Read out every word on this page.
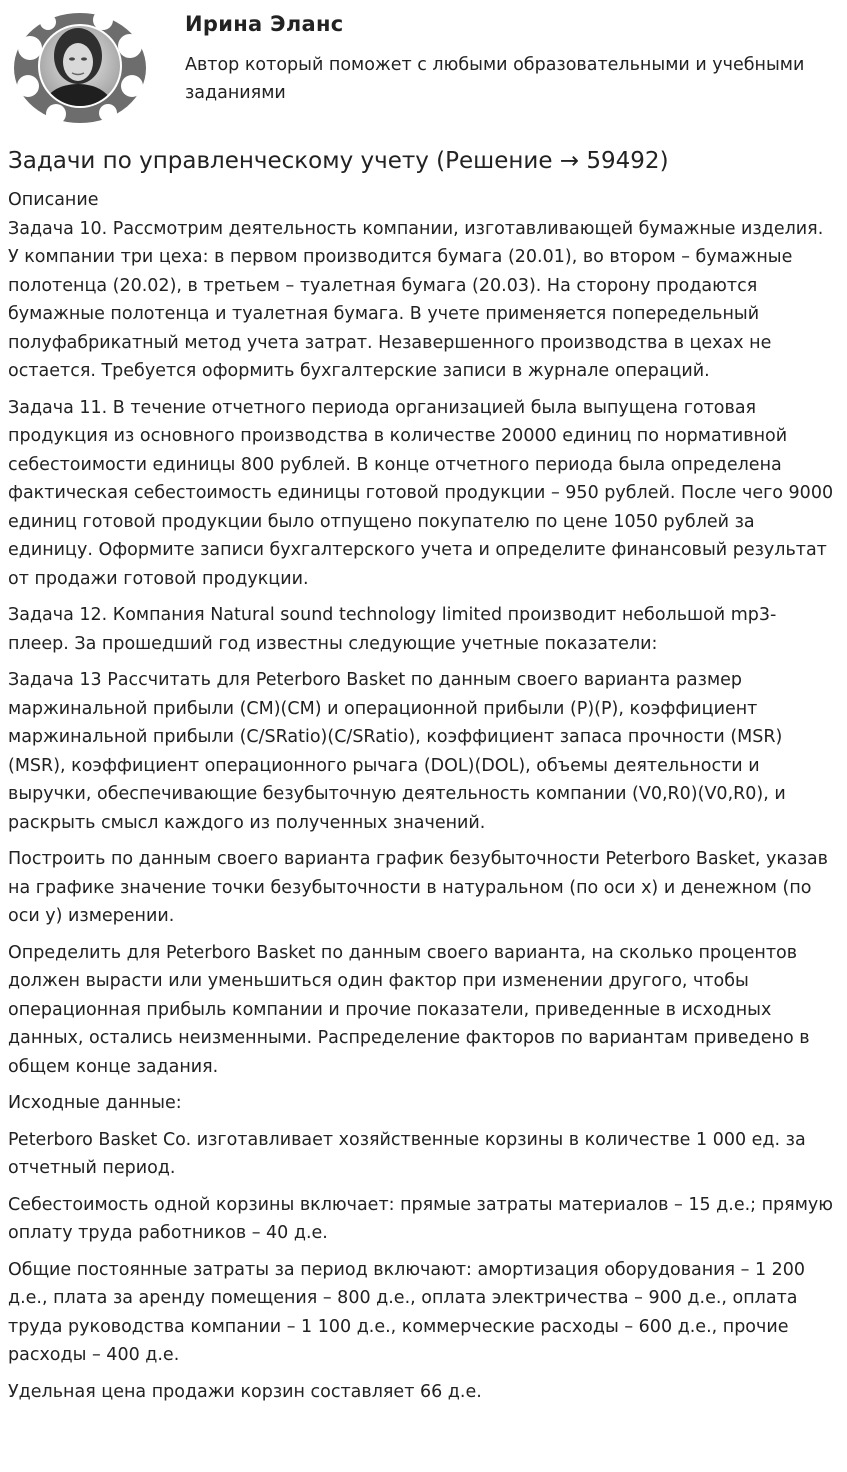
Ирина Эланс
Автор который поможет с любыми образовательными и учебными заданиями
Задачи по управленческому учету (Решение → 59492)
Описание

Задача 10. Рассмотрим деятельность компании, изготавливающей бумажные изделия. У компании три цеха: в первом производится бумага (20.01), во втором – бумажные полотенца (20.02), в третьем – туалетная бумага (20.03). На сторону продаются бумажные полотенца и туалетная бумага. В учете применяется попередельный полуфабрикатный метод учета затрат. Незавершенного производства в цехах не остается. Требуется оформить бухгалтерские записи в журнале операций.

Задача 11. В течение отчетного периода организацией была выпущена готовая продукция из основного производства в количестве 20000 единиц по нормативной себестоимости единицы 800 рублей. В конце отчетного периода была определена фактическая себестоимость единицы готовой продукции – 950 рублей. После чего 9000 единиц готовой продукции было отпущено покупателю по цене 1050 рублей за единицу. Оформите записи бухгалтерского учета и определите финансовый результат от продажи готовой продукции.

Задача 12. Компания Natural sound technology limited производит небольшой mp3-плеер. За прошедший год известны следующие учетные показатели:

Задача 13 Рассчитать для Peterboro Basket по данным своего варианта размер маржинальной прибыли (CM)(CM) и операционной прибыли (P)(P), коэффициент маржинальной прибыли (C/SRatio)(C/SRatio), коэффициент запаса прочности (MSR)(MSR), коэффициент операционного рычага (DOL)(DOL), объемы деятельности и выручки, обеспечивающие безубыточную деятельность компании (V0,R0)(V0,R0), и раскрыть смысл каждого из полученных значений.

Построить по данным своего варианта график безубыточности Peterboro Basket, указав на графике значение точки безубыточности в натуральном (по оси x) и денежном (по оси y) измерении.

Определить для Peterboro Basket по данным своего варианта, на сколько процентов должен вырасти или уменьшиться один фактор при изменении другого, чтобы операционная прибыль компании и прочие показатели, приведенные в исходных данных, остались неизменными. Распределение факторов по вариантам приведено в общем конце задания.

Исходные данные:

Peterboro Basket Co. изготавливает хозяйственные корзины в количестве 1 000 ед. за отчетный период.

Себестоимость одной корзины включает: прямые затраты материалов – 15 д.е.; прямую оплату труда работников – 40 д.е.

Общие постоянные затраты за период включают: амортизация оборудования – 1 200 д.е., плата за аренду помещения – 800 д.е., оплата электричества – 900 д.е., оплата труда руководства компании – 1 100 д.е., коммерческие расходы – 600 д.е., прочие расходы – 400 д.е.

Удельная цена продажи корзин составляет 66 д.е.
